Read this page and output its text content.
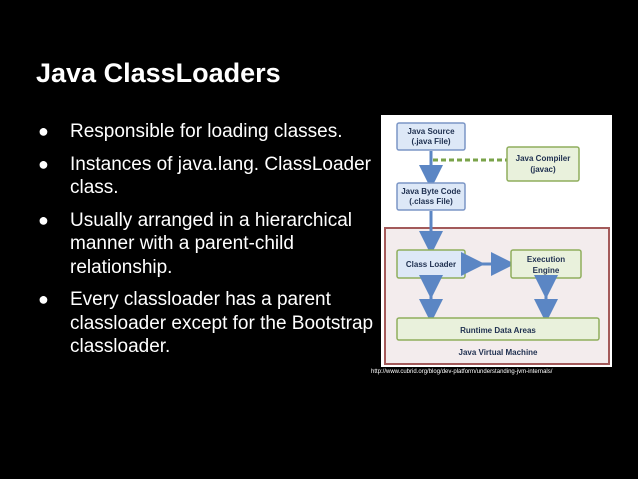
Java ClassLoaders
● Responsible for loading classes.
● Instances of java.lang. ClassLoader class.
● Usually arranged in a hierarchical manner with a parent-child relationship.
● Every classloader has a parent classloader except for the Bootstrap classloader.
Java Source
(.java File)
Java Compiler
(javac)
Java Byte Code
(.class File)
Class Loader
Execution
Engine
Runtime Data Areas
Java Virtual Machine
http://www.cubrid.org/blog/dev-platform/understanding-jvm-internals/
